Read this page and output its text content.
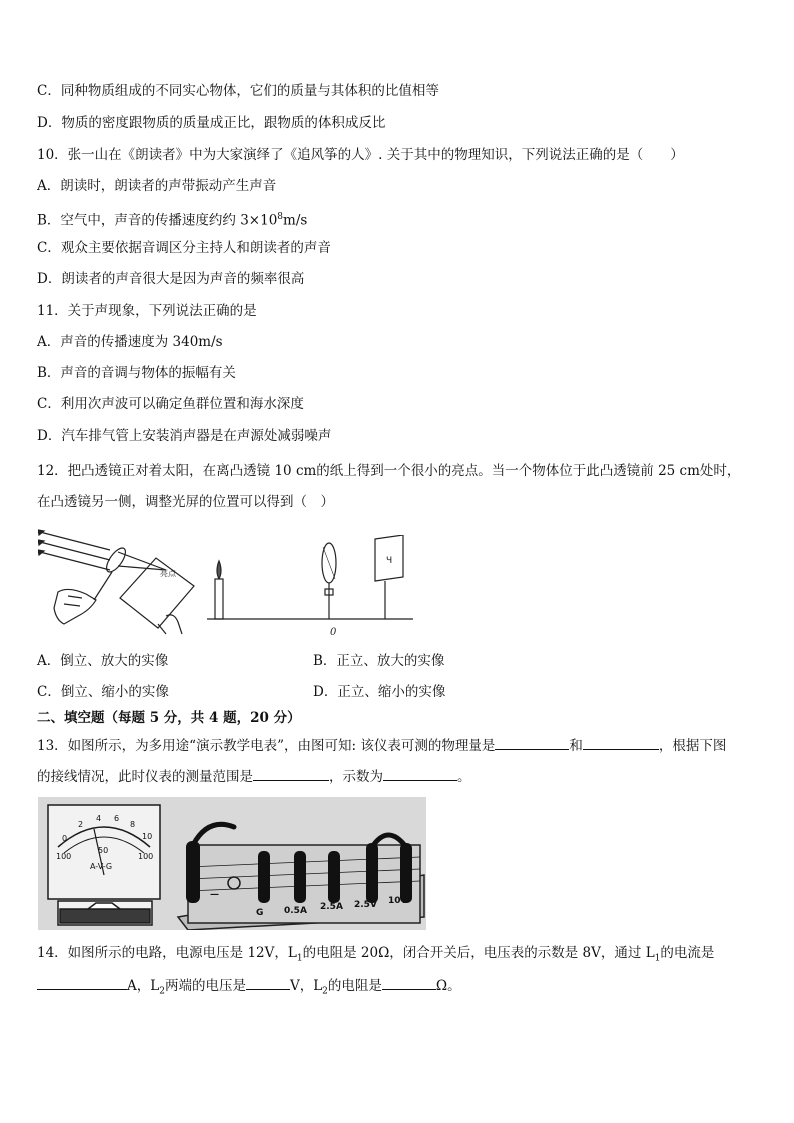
C．同种物质组成的不同实心物体，它们的质量与其体积的比值相等
D．物质的密度跟物质的质量成正比，跟物质的体积成反比
10．张一山在《朗读者》中为大家演绎了《追风筝的人》. 关于其中的物理知识，下列说法正确的是（　　）
A．朗读时，朗读者的声带振动产生声音
B．空气中，声音的传播速度约约 $3\times 10^8m/s$
C．观众主要依据音调区分主持人和朗读者的声音
D．朗读者的声音很大是因为声音的频率很高
11．关于声现象，下列说法正确的是
A．声音的传播速度为 340m/s
B．声音的音调与物体的振幅有关
C．利用次声波可以确定鱼群位置和海水深度
D．汽车排气管上安装消声器是在声源处减弱噪声
12．把凸透镜正对着太阳，在离凸透镜 10 cm的纸上得到一个很小的亮点。当一个物体位于此凸透镜前 25 cm处时，
在凸透镜另一侧，调整光屏的位置可以得到（　）
亮点
Ч
0
A．倒立、放大的实像	B．正立、放大的实像
C．倒立、缩小的实像	D．正立、缩小的实像
二、填空题（每题 5 分，共 4 题，20 分）
13．如图所示，为多用途“演示教学电表”，由图可知: 该仪表可测的物理量是	和	，根据下图
的接线情况，此时仪表的测量范围是	，示数为	。
0
2
4 6
8
10
100
50
100
A-V-G
—
G 0.5A 2.5A 2.5V 10V
14．如图所示的电路，电源电压是 12V，$L_1$的电阻是 20Ω，闭合开关后，电压表的示数是 8V，通过 $L_1$的电流是
A，$L_2$两端的电压是	V，$L_2$的电阻是	Ω。
